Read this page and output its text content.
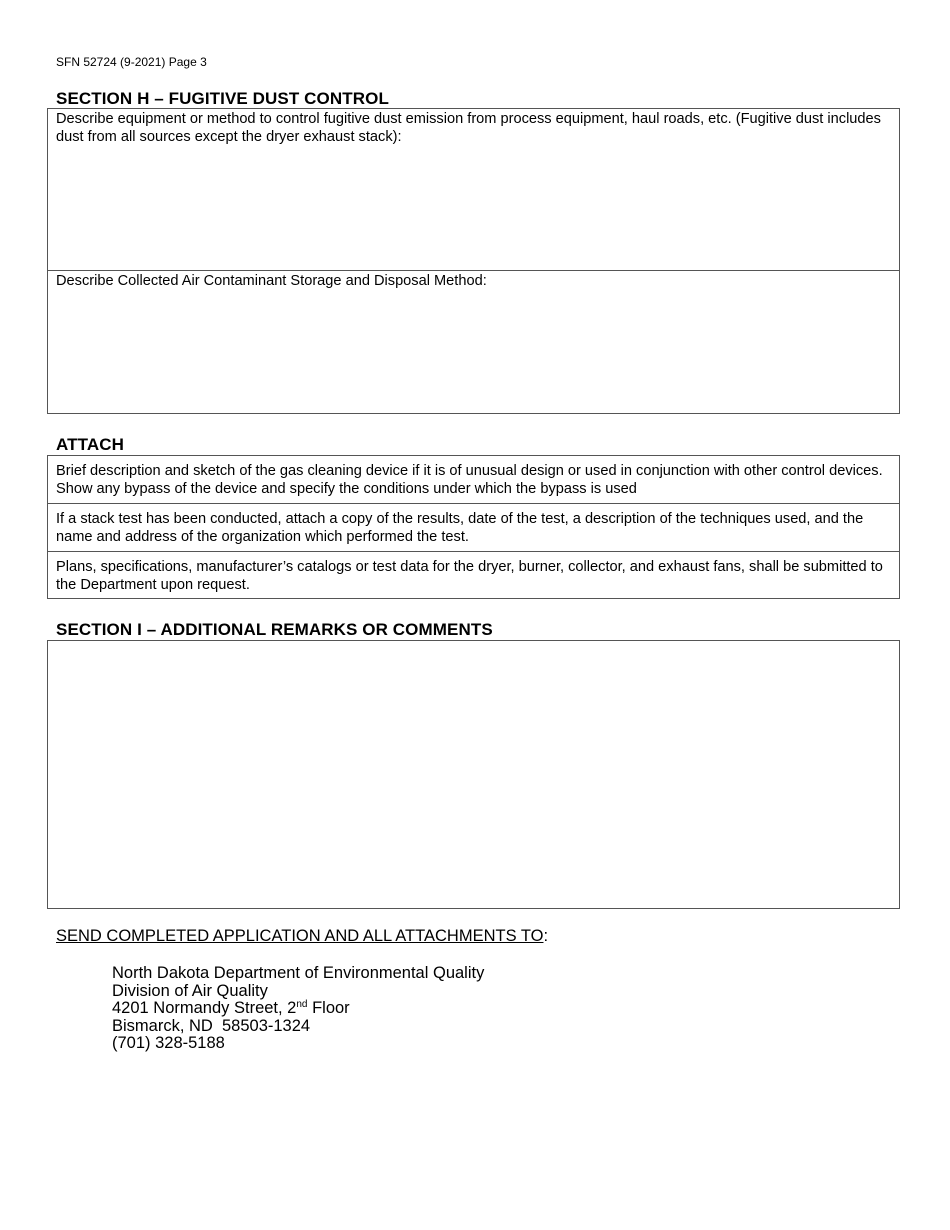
SFN 52724 (9-2021) Page 3
SECTION H – FUGITIVE DUST CONTROL
Describe equipment or method to control fugitive dust emission from process equipment, haul roads, etc. (Fugitive dust includes dust from all sources except the dryer exhaust stack):
Describe Collected Air Contaminant Storage and Disposal Method:
ATTACH
Brief description and sketch of the gas cleaning device if it is of unusual design or used in conjunction with other control devices. Show any bypass of the device and specify the conditions under which the bypass is used
If a stack test has been conducted, attach a copy of the results, date of the test, a description of the techniques used, and the name and address of the organization which performed the test.
Plans, specifications, manufacturer’s catalogs or test data for the dryer, burner, collector, and exhaust fans, shall be submitted to the Department upon request.
SECTION I – ADDITIONAL REMARKS OR COMMENTS
SEND COMPLETED APPLICATION AND ALL ATTACHMENTS TO:
North Dakota Department of Environmental Quality
Division of Air Quality
4201 Normandy Street, 2nd Floor
Bismarck, ND  58503-1324
(701) 328-5188
